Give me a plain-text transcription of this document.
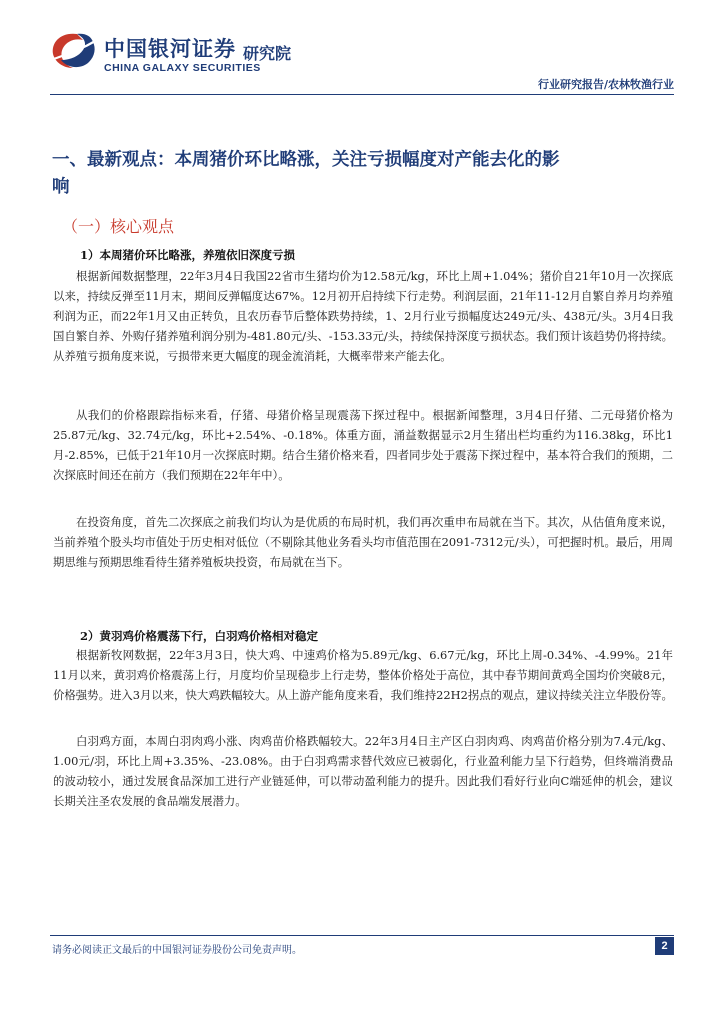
中国银河证券
CHINA GALAXY SECURITIES
研究院
行业研究报告/农林牧渔行业
一、最新观点：本周猪价环比略涨，关注亏损幅度对产能去化的影响
（一）核心观点
1）本周猪价环比略涨，养殖依旧深度亏损

根据新闻数据整理，22年3月4日我国22省市生猪均价为12.58元/kg，环比上周+1.04%；猪价自21年10月一次探底以来，持续反弹至11月末，期间反弹幅度达67%。12月初开启持续下行走势。利润层面，21年11-12月自繁自养月均养殖利润为正，而22年1月又由正转负，且农历春节后整体跌势持续，1、2月行业亏损幅度达249元/头、438元/头。3月4日我国自繁自养、外购仔猪养殖利润分别为-481.80元/头、-153.33元/头，持续保持深度亏损状态。我们预计该趋势仍将持续。从养殖亏损角度来说，亏损带来更大幅度的现金流消耗，大概率带来产能去化。

从我们的价格跟踪指标来看，仔猪、母猪价格呈现震荡下探过程中。根据新闻整理，3月4日仔猪、二元母猪价格为25.87元/kg、32.74元/kg，环比+2.54%、-0.18%。体重方面，涌益数据显示2月生猪出栏均重约为116.38kg，环比1月-2.85%，已低于21年10月一次探底时期。结合生猪价格来看，四者同步处于震荡下探过程中，基本符合我们的预期，二次探底时间还在前方（我们预期在22年年中）。

在投资角度，首先二次探底之前我们均认为是优质的布局时机，我们再次重申布局就在当下。其次，从估值角度来说，当前养殖个股头均市值处于历史相对低位（不剔除其他业务看头均市值范围在2091-7312元/头），可把握时机。最后，用周期思维与预期思维看待生猪养殖板块投资，布局就在当下。

2）黄羽鸡价格震荡下行，白羽鸡价格相对稳定

根据新牧网数据，22年3月3日，快大鸡、中速鸡价格为5.89元/kg、6.67元/kg，环比上周-0.34%、-4.99%。21年11月以来，黄羽鸡价格震荡上行，月度均价呈现稳步上行走势，整体价格处于高位，其中春节期间黄鸡全国均价突破8元，价格强势。进入3月以来，快大鸡跌幅较大。从上游产能角度来看，我们维持22H2拐点的观点，建议持续关注立华股份等。

白羽鸡方面，本周白羽肉鸡小涨、肉鸡苗价格跌幅较大。22年3月4日主产区白羽肉鸡、肉鸡苗价格分别为7.4元/kg、1.00元/羽，环比上周+3.35%、-23.08%。由于白羽鸡需求替代效应已被弱化，行业盈利能力呈下行趋势，但终端消费品的波动较小，通过发展食品深加工进行产业链延伸，可以带动盈利能力的提升。因此我们看好行业向C端延伸的机会，建议长期关注圣农发展的食品端发展潜力。

请务必阅读正文最后的中国银河证券股份公司免责声明。	2
